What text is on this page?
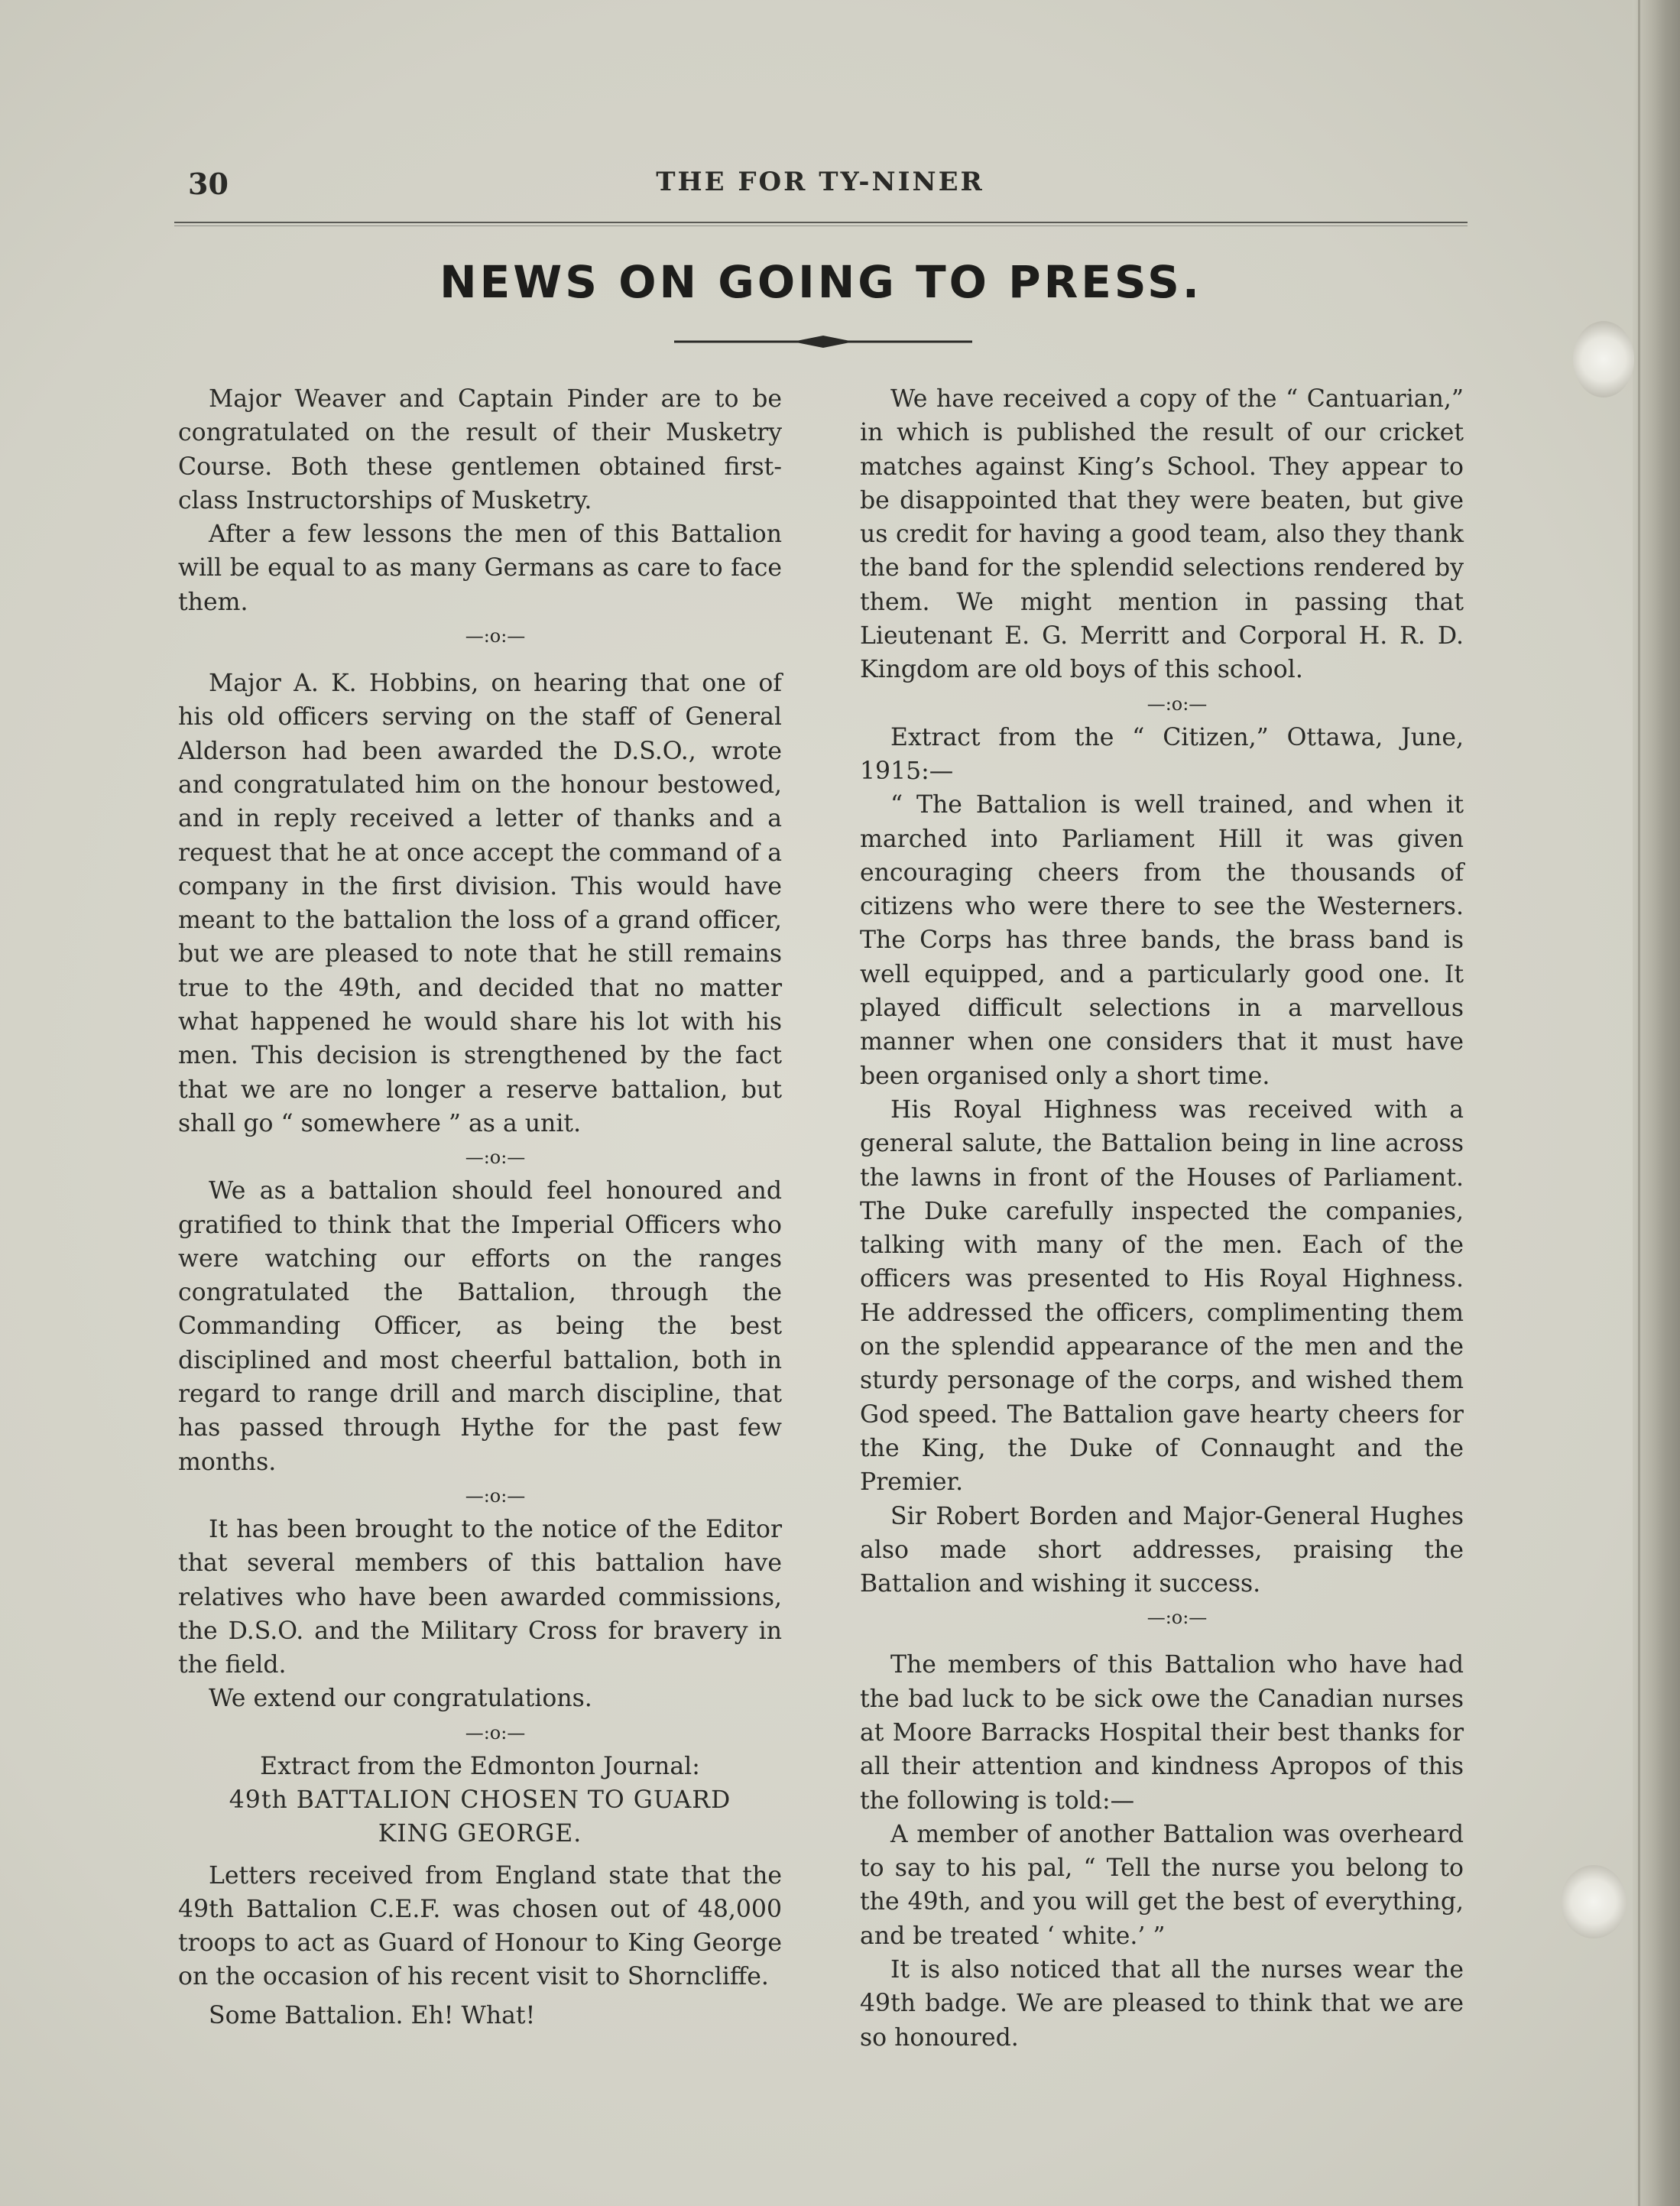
30	THE FOR TY-NINER
NEWS ON GOING TO PRESS.

Major Weaver and Captain Pinder are to be congratulated on the result of their Musketry Course. Both these gentlemen obtained first-class Instructorships of Musketry.

After a few lessons the men of this Battalion will be equal to as many Germans as care to face them.

—:o:—

Major A. K. Hobbins, on hearing that one of his old officers serving on the staff of General Alderson had been awarded the D.S.O., wrote and congratulated him on the honour bestowed, and in reply received a letter of thanks and a request that he at once accept the command of a company in the first division. This would have meant to the battalion the loss of a grand officer, but we are pleased to note that he still remains true to the 49th, and decided that no matter what happened he would share his lot with his men. This decision is strengthened by the fact that we are no longer a reserve battalion, but shall go “ somewhere ” as a unit.

—:o:—

We as a battalion should feel honoured and gratified to think that the Imperial Officers who were watching our efforts on the ranges congratulated the Battalion, through the Commanding Officer, as being the best disciplined and most cheerful battalion, both in regard to range drill and march discipline, that has passed through Hythe for the past few months.

—:o:—

It has been brought to the notice of the Editor that several members of this battalion have relatives who have been awarded commissions, the D.S.O. and the Military Cross for bravery in the field.

We extend our congratulations.

—:o:—

Extract from the Edmonton Journal:

49th BATTALION CHOSEN TO GUARD

KING GEORGE.

Letters received from England state that the 49th Battalion C.E.F. was chosen out of 48,000 troops to act as Guard of Honour to King George on the occasion of his recent visit to Shorncliffe.

Some Battalion. Eh! What!

We have received a copy of the “ Cantuarian,” in which is published the result of our cricket matches against King’s School. They appear to be disappointed that they were beaten, but give us credit for having a good team, also they thank the band for the splendid selections rendered by them. We might mention in passing that Lieutenant E. G. Merritt and Corporal H. R. D. Kingdom are old boys of this school.

—:o:—

Extract from the “ Citizen,” Ottawa, June, 1915:—

“ The Battalion is well trained, and when it marched into Parliament Hill it was given encouraging cheers from the thousands of citizens who were there to see the Westerners. The Corps has three bands, the brass band is well equipped, and a particularly good one. It played difficult selections in a marvellous manner when one considers that it must have been organised only a short time.

His Royal Highness was received with a general salute, the Battalion being in line across the lawns in front of the Houses of Parliament. The Duke carefully inspected the companies, talking with many of the men. Each of the officers was presented to His Royal Highness. He addressed the officers, complimenting them on the splendid appearance of the men and the sturdy personage of the corps, and wished them God speed. The Battalion gave hearty cheers for the King, the Duke of Connaught and the Premier.

Sir Robert Borden and Major-General Hughes also made short addresses, praising the Battalion and wishing it success.

—:o:—

The members of this Battalion who have had the bad luck to be sick owe the Canadian nurses at Moore Barracks Hospital their best thanks for all their attention and kindness Apropos of this the following is told:—

A member of another Battalion was overheard to say to his pal, “ Tell the nurse you belong to the 49th, and you will get the best of everything, and be treated ‘ white.’ ”

It is also noticed that all the nurses wear the 49th badge. We are pleased to think that we are so honoured.
